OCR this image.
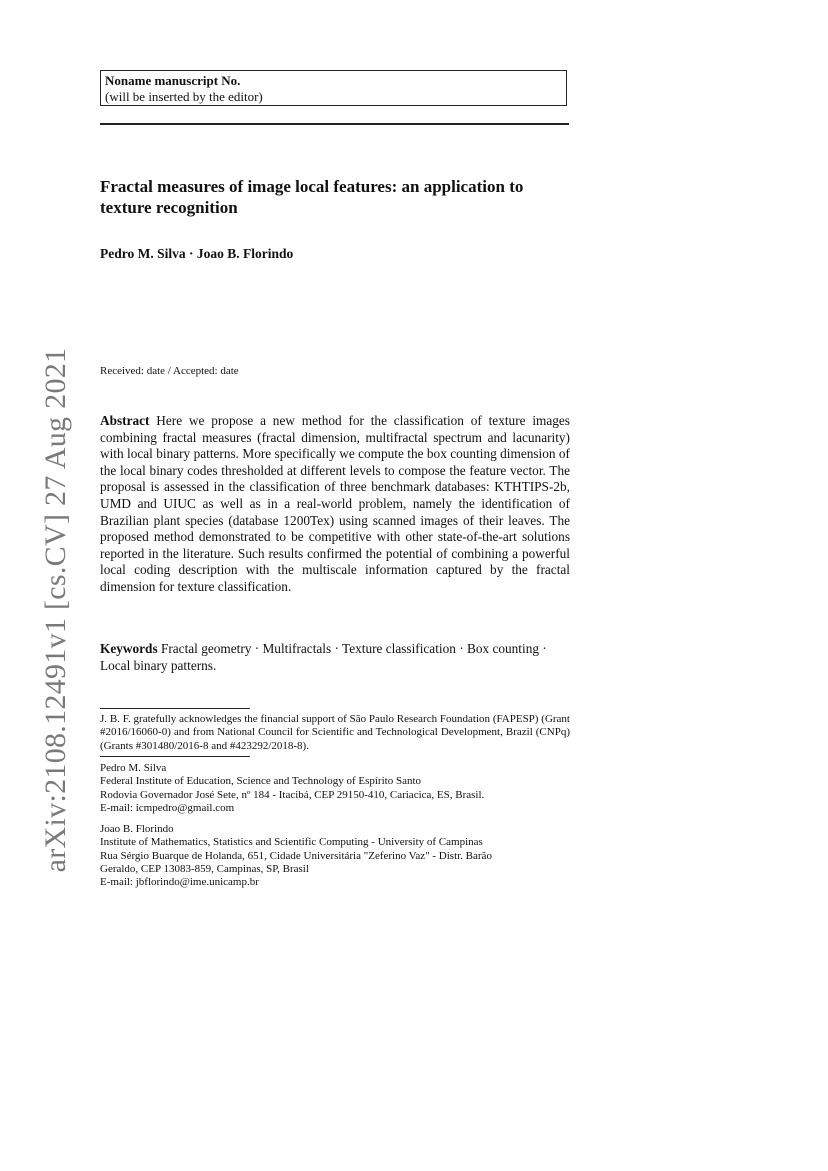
arXiv:2108.12491v1 [cs.CV] 27 Aug 2021
Noname manuscript No.
(will be inserted by the editor)
Fractal measures of image local features: an application to texture recognition
Pedro M. Silva · Joao B. Florindo
Received: date / Accepted: date
Abstract Here we propose a new method for the classification of texture images combining fractal measures (fractal dimension, multifractal spectrum and lacunarity) with local binary patterns. More specifically we compute the box counting dimension of the local binary codes thresholded at different levels to compose the feature vector. The proposal is assessed in the classification of three benchmark databases: KTHTIPS-2b, UMD and UIUC as well as in a real-world problem, namely the identification of Brazilian plant species (database 1200Tex) using scanned images of their leaves. The proposed method demonstrated to be competitive with other state-of-the-art solutions reported in the literature. Such results confirmed the potential of combining a powerful local coding description with the multiscale information captured by the fractal dimension for texture classification.
Keywords Fractal geometry · Multifractals · Texture classification · Box counting · Local binary patterns.
J. B. F. gratefully acknowledges the financial support of São Paulo Research Foundation (FAPESP) (Grant #2016/16060-0) and from National Council for Scientific and Technological Development, Brazil (CNPq) (Grants #301480/2016-8 and #423292/2018-8).
Pedro M. Silva
Federal Institute of Education, Science and Technology of Espírito Santo
Rodovia Governador José Sete, nº 184 - Itacibá, CEP 29150-410, Cariacica, ES, Brasil.
E-mail: icmpedro@gmail.com
Joao B. Florindo
Institute of Mathematics, Statistics and Scientific Computing - University of Campinas
Rua Sérgio Buarque de Holanda, 651, Cidade Universitária "Zeferino Vaz" - Distr. Barão
Geraldo, CEP 13083-859, Campinas, SP, Brasil
E-mail: jbflorindo@ime.unicamp.br
